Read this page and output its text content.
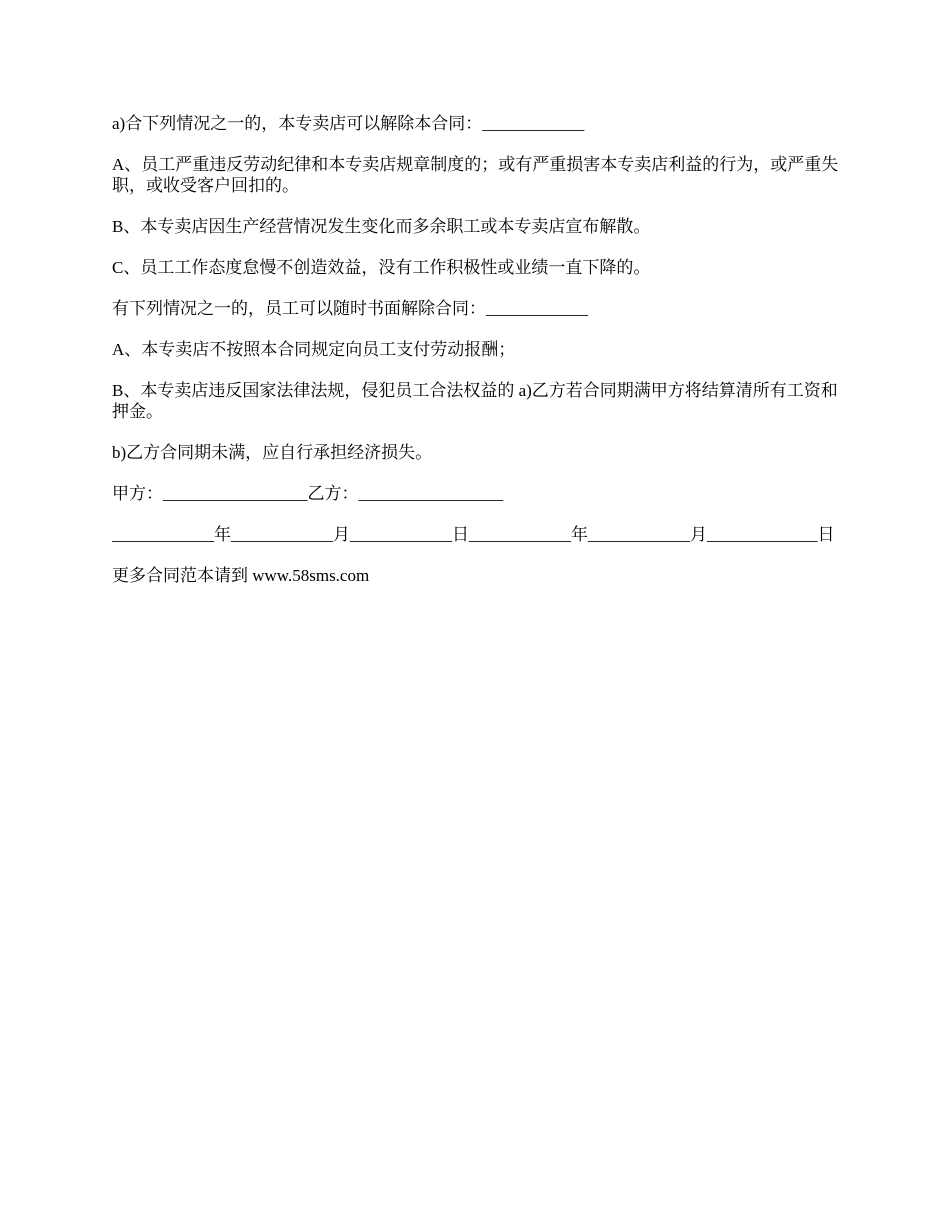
a)合下列情况之一的，本专卖店可以解除本合同：____________

A、员工严重违反劳动纪律和本专卖店规章制度的；或有严重损害本专卖店利益的行为，或严重失职，或收受客户回扣的。

B、本专卖店因生产经营情况发生变化而多余职工或本专卖店宣布解散。

C、员工工作态度怠慢不创造效益，没有工作积极性或业绩一直下降的。

有下列情况之一的，员工可以随时书面解除合同：____________

A、本专卖店不按照本合同规定向员工支付劳动报酬；

B、本专卖店违反国家法律法规，侵犯员工合法权益的 a)乙方若合同期满甲方将结算清所有工资和押金。

b)乙方合同期未满，应自行承担经济损失。

甲方：_________________乙方：_________________

____________年____________月____________日____________年____________月_____________日

更多合同范本请到 www.58sms.com
